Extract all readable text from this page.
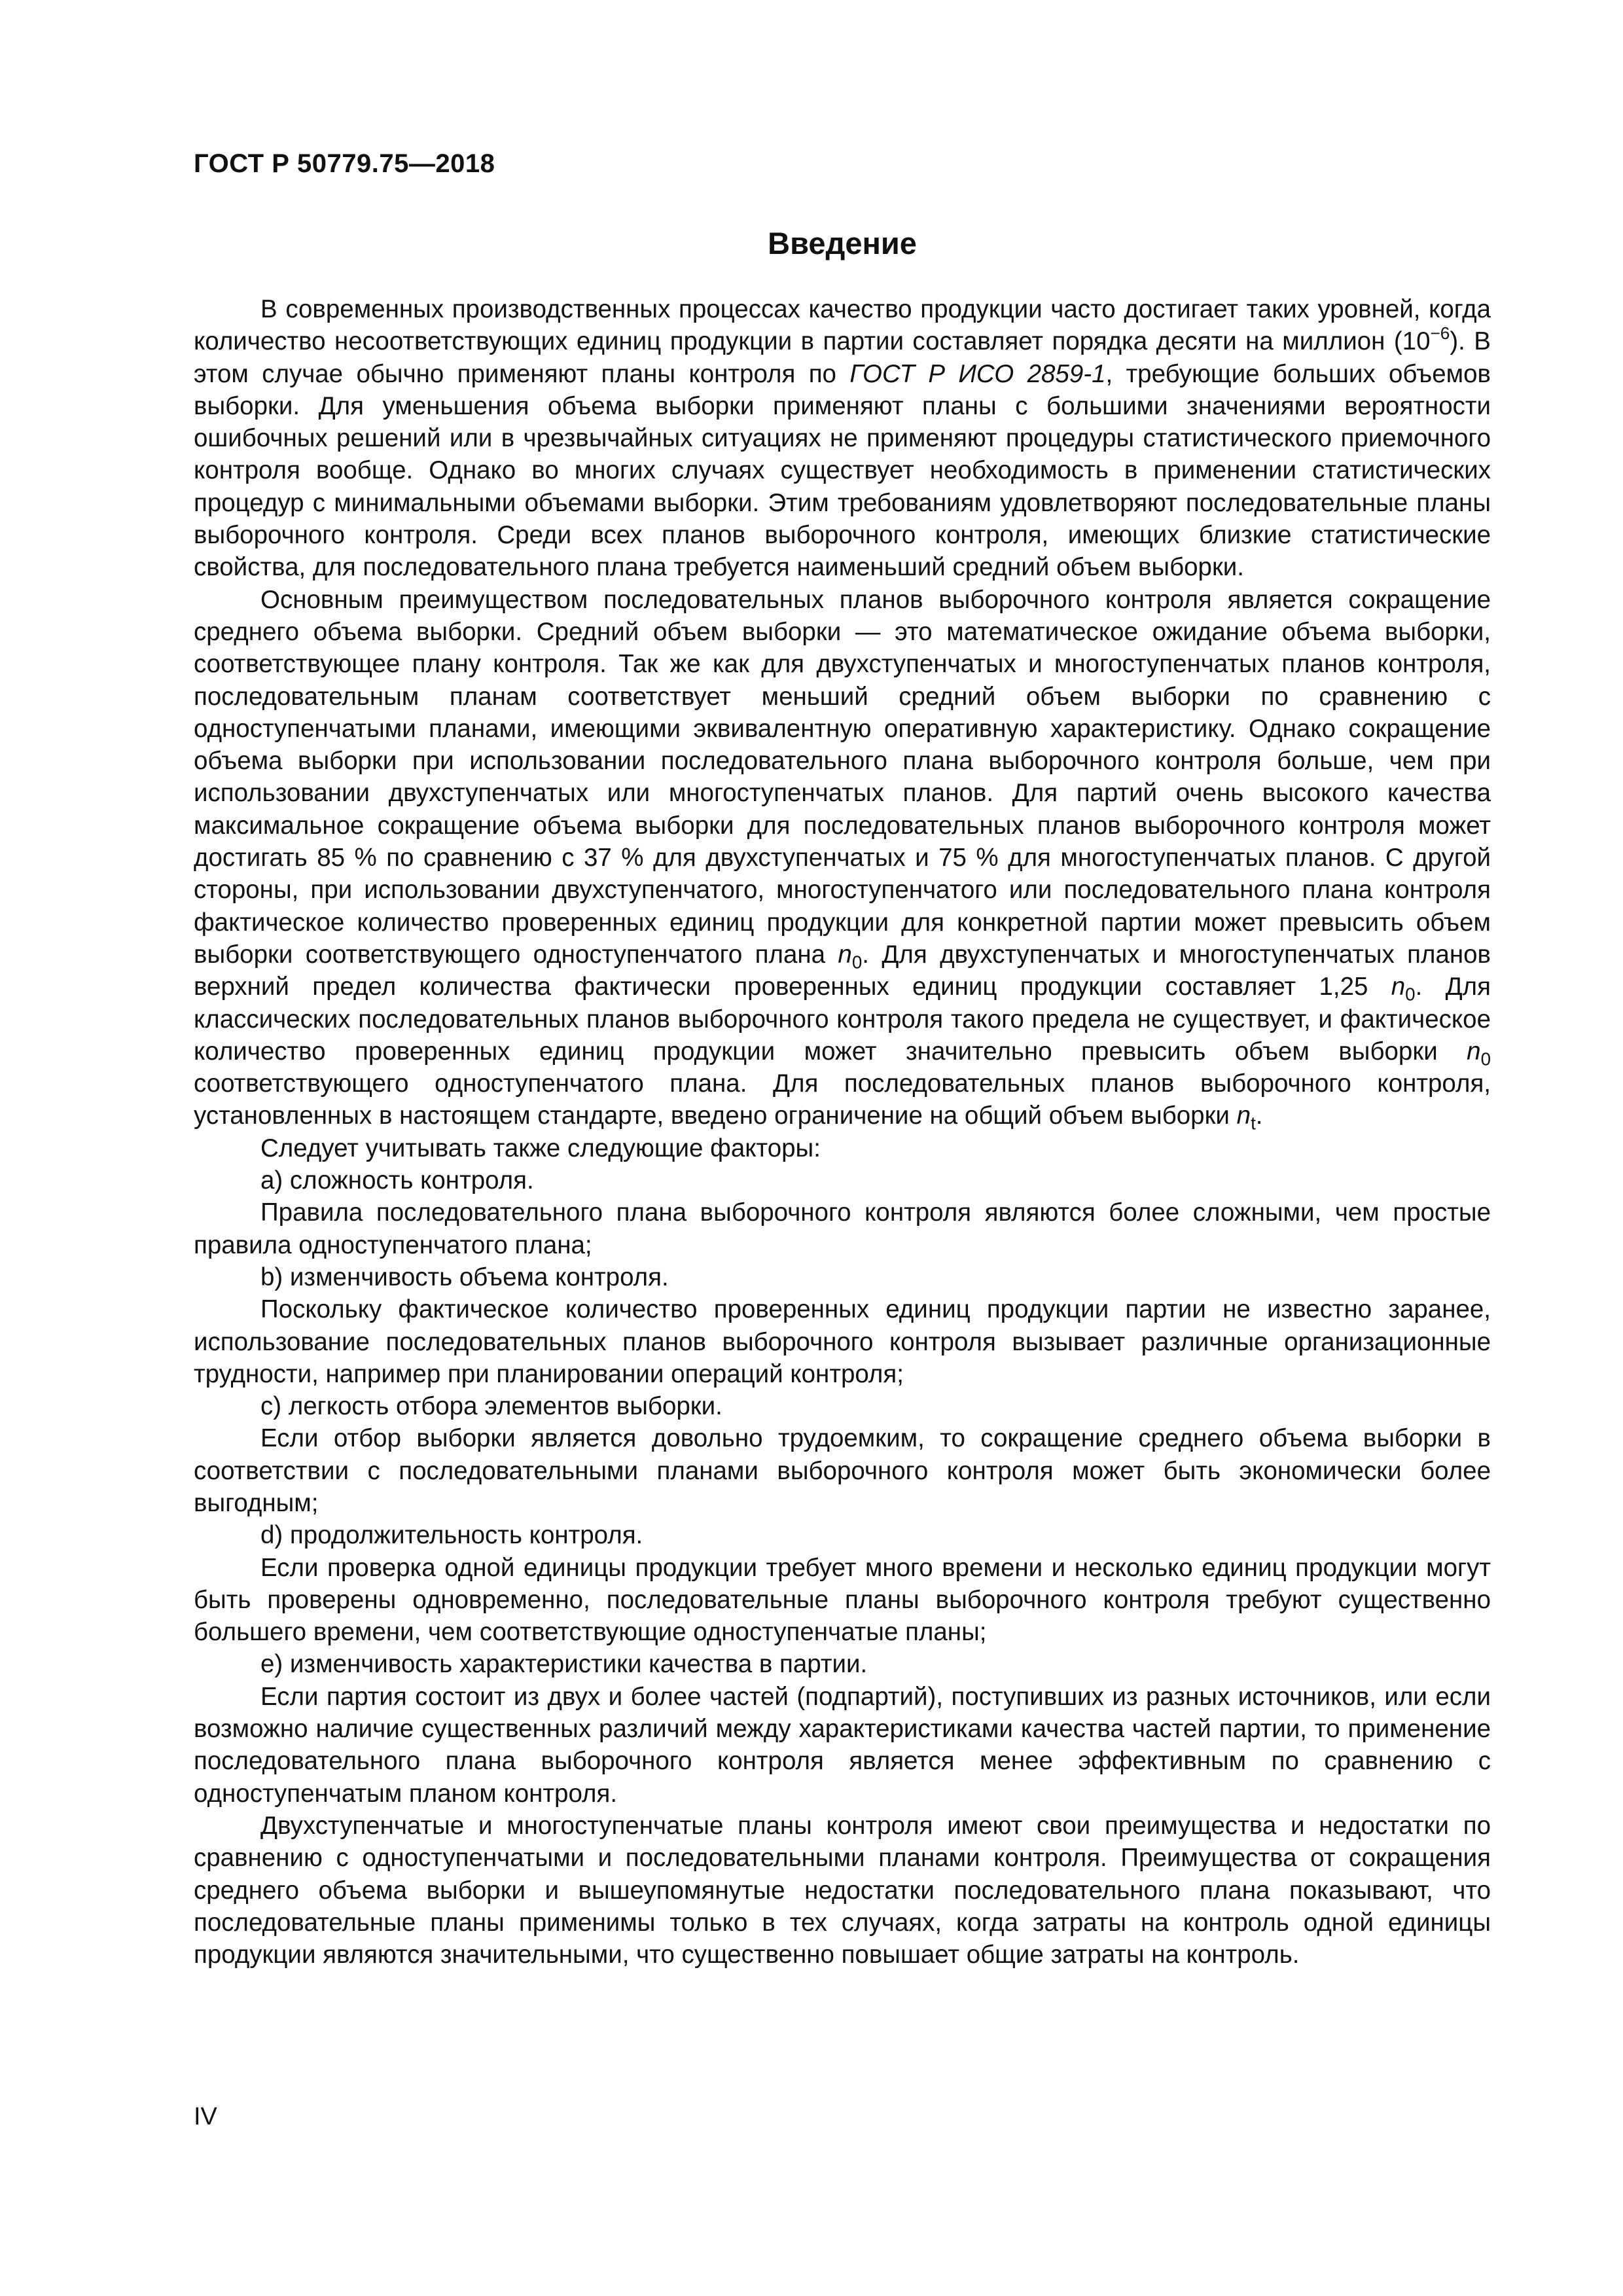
ГОСТ Р 50779.75—2018
Введение

В современных производственных процессах качество продукции часто достигает таких уровней, когда количество несоответствующих единиц продукции в партии составляет порядка десяти на миллион $(10^{-6})$. В этом случае обычно применяют планы контроля по ГОСТ Р ИСО 2859-1, требующие больших объемов выборки. Для уменьшения объема выборки применяют планы с большими значениями вероятности ошибочных решений или в чрезвычайных ситуациях не применяют процедуры статистического приемочного контроля вообще. Однако во многих случаях существует необходимость в применении статистических процедур с минимальными объемами выборки. Этим требованиям удовлетворяют последовательные планы выборочного контроля. Среди всех планов выборочного контроля, имеющих близкие статистические свойства, для последовательного плана требуется наименьший средний объем выборки.

Основным преимуществом последовательных планов выборочного контроля является сокращение среднего объема выборки. Средний объем выборки — это математическое ожидание объема выборки, соответствующее плану контроля. Так же как для двухступенчатых и многоступенчатых планов контроля, последовательным планам соответствует меньший средний объем выборки по сравнению с одноступенчатыми планами, имеющими эквивалентную оперативную характеристику. Однако сокращение объема выборки при использовании последовательного плана выборочного контроля больше, чем при использовании двухступенчатых или многоступенчатых планов. Для партий очень высокого качества максимальное сокращение объема выборки для последовательных планов выборочного контроля может достигать 85 % по сравнению с 37 % для двухступенчатых и 75 % для многоступенчатых планов. С другой стороны, при использовании двухступенчатого, многоступенчатого или последовательного плана контроля фактическое количество проверенных единиц продукции для конкретной партии может превысить объем выборки соответствующего одноступенчатого плана $n_0$. Для двухступенчатых и многоступенчатых планов верхний предел количества фактически проверенных единиц продукции составляет 1,25 $n_0$. Для классических последовательных планов выборочного контроля такого предела не существует, и фактическое количество проверенных единиц продукции может значительно превысить объем выборки $n_0$ соответствующего одноступенчатого плана. Для последовательных планов выборочного контроля, установленных в настоящем стандарте, введено ограничение на общий объем выборки $n_t$.

Следует учитывать также следующие факторы:

a) сложность контроля.

Правила последовательного плана выборочного контроля являются более сложными, чем простые правила одноступенчатого плана;

b) изменчивость объема контроля.

Поскольку фактическое количество проверенных единиц продукции партии не известно заранее, использование последовательных планов выборочного контроля вызывает различные организационные трудности, например при планировании операций контроля;

c) легкость отбора элементов выборки.

Если отбор выборки является довольно трудоемким, то сокращение среднего объема выборки в соответствии с последовательными планами выборочного контроля может быть экономически более выгодным;

d) продолжительность контроля.

Если проверка одной единицы продукции требует много времени и несколько единиц продукции могут быть проверены одновременно, последовательные планы выборочного контроля требуют существенно большего времени, чем соответствующие одноступенчатые планы;

e) изменчивость характеристики качества в партии.

Если партия состоит из двух и более частей (подпартий), поступивших из разных источников, или если возможно наличие существенных различий между характеристиками качества частей партии, то применение последовательного плана выборочного контроля является менее эффективным по сравнению с одноступенчатым планом контроля.

Двухступенчатые и многоступенчатые планы контроля имеют свои преимущества и недостатки по сравнению с одноступенчатыми и последовательными планами контроля. Преимущества от сокращения среднего объема выборки и вышеупомянутые недостатки последовательного плана показывают, что последовательные планы применимы только в тех случаях, когда затраты на контроль одной единицы продукции являются значительными, что существенно повышает общие затраты на контроль.

IV
